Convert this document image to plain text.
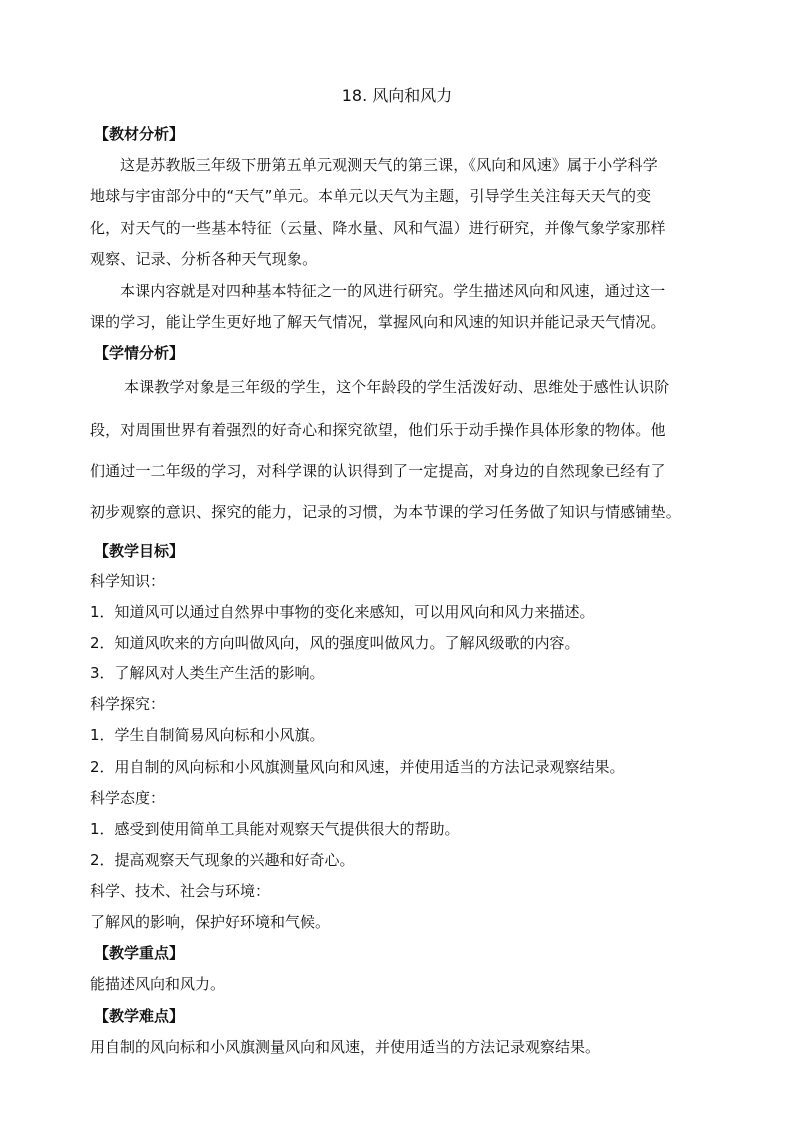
18. 风向和风力
【教材分析】
这是苏教版三年级下册第五单元观测天气的第三课，《风向和风速》属于小学科学
地球与宇宙部分中的“天气”单元。本单元以天气为主题，引导学生关注每天天气的变
化，对天气的一些基本特征（云量、降水量、风和气温）进行研究，并像气象学家那样
观察、记录、分析各种天气现象。
本课内容就是对四种基本特征之一的风进行研究。学生描述风向和风速，通过这一
课的学习，能让学生更好地了解天气情况，掌握风向和风速的知识并能记录天气情况。
【学情分析】
本课教学对象是三年级的学生，这个年龄段的学生活泼好动、思维处于感性认识阶
段，对周围世界有着强烈的好奇心和探究欲望，他们乐于动手操作具体形象的物体。他
们通过一二年级的学习，对科学课的认识得到了一定提高，对身边的自然现象已经有了
初步观察的意识、探究的能力，记录的习惯，为本节课的学习任务做了知识与情感铺垫。
【教学目标】
科学知识：
1．知道风可以通过自然界中事物的变化来感知，可以用风向和风力来描述。
2．知道风吹来的方向叫做风向，风的强度叫做风力。了解风级歌的内容。
3．了解风对人类生产生活的影响。
科学探究：
1．学生自制简易风向标和小风旗。
2．用自制的风向标和小风旗测量风向和风速，并使用适当的方法记录观察结果。
科学态度：
1．感受到使用简单工具能对观察天气提供很大的帮助。
2．提高观察天气现象的兴趣和好奇心。
科学、技术、社会与环境：
了解风的影响，保护好环境和气候。
【教学重点】
能描述风向和风力。
【教学难点】
用自制的风向标和小风旗测量风向和风速，并使用适当的方法记录观察结果。
